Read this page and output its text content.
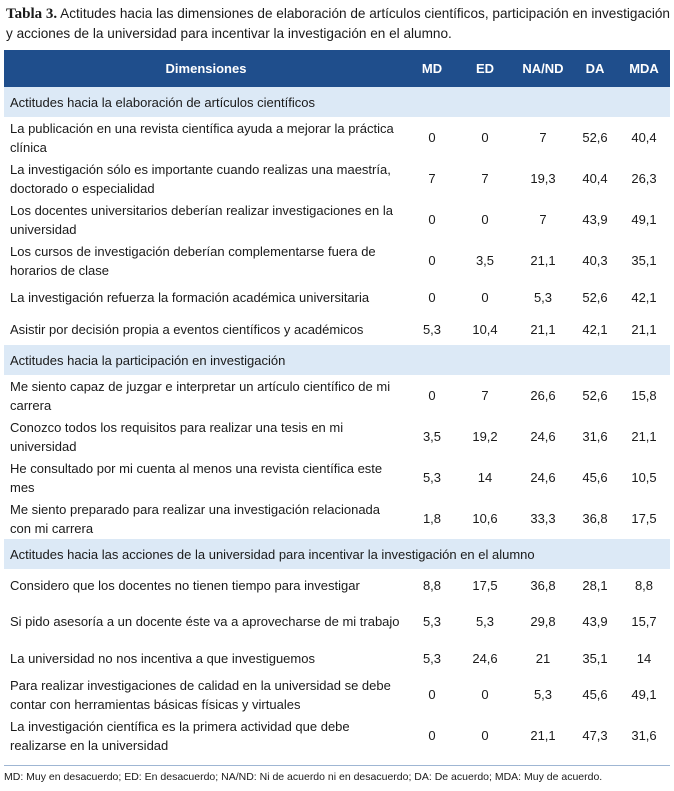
Tabla 3. Actitudes hacia las dimensiones de elaboración de artículos científicos, participación en investigación y acciones de la universidad para incentivar la investigación en el alumno.
Dimensiones	MD	ED	NA/ND	DA	MDA
Actitudes hacia la elaboración de artículos científicos					
La publicación en una revista científica ayuda a mejorar la práctica clínica	0	0	7	52,6	40,4
La investigación sólo es importante cuando realizas una maestría, doctorado o especialidad	7	7	19,3	40,4	26,3
Los docentes universitarios deberían realizar investigaciones en la universidad	0	0	7	43,9	49,1
Los cursos de investigación deberían complementarse fuera de horarios de clase	0	3,5	21,1	40,3	35,1
La investigación refuerza la formación académica universitaria	0	0	5,3	52,6	42,1
Asistir por decisión propia a eventos científicos y académicos	5,3	10,4	21,1	42,1	21,1
Actitudes hacia la participación en investigación					
Me siento capaz de juzgar e interpretar un artículo científico de mi carrera	0	7	26,6	52,6	15,8
Conozco todos los requisitos para realizar una tesis en mi universidad	3,5	19,2	24,6	31,6	21,1
He consultado por mi cuenta al menos una revista científica este mes	5,3	14	24,6	45,6	10,5
Me siento preparado para realizar una investigación relacionada con mi carrera	1,8	10,6	33,3	36,8	17,5
Actitudes hacia las acciones de la universidad para incentivar la investigación en el alumno					
Considero que los docentes no tienen tiempo para investigar	8,8	17,5	36,8	28,1	8,8
Si pido asesoría a un docente éste va a aprovecharse de mi trabajo	5,3	5,3	29,8	43,9	15,7
La universidad no nos incentiva a que investiguemos	5,3	24,6	21	35,1	14
Para realizar investigaciones de calidad en la universidad se debe contar con herramientas básicas físicas y virtuales	0	0	5,3	45,6	49,1
La investigación científica es la primera actividad que debe realizarse en la universidad	0	0	21,1	47,3	31,6
MD: Muy en desacuerdo; ED: En desacuerdo; NA/ND: Ni de acuerdo ni en desacuerdo; DA: De acuerdo; MDA: Muy de acuerdo.
